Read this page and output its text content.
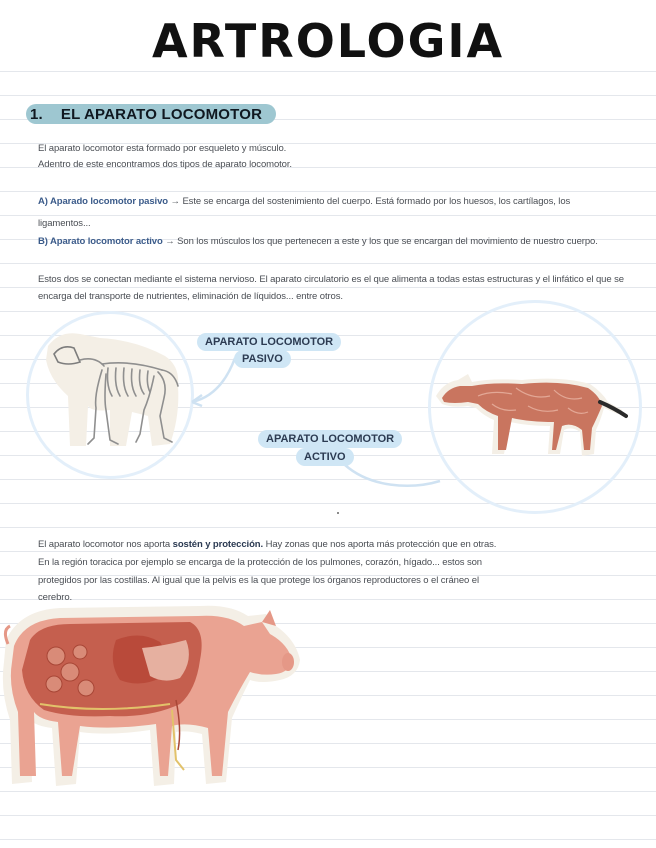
ARTROLOGIA
1. EL APARATO LOCOMOTOR
El aparato locomotor esta formado por esqueleto y músculo.
Adentro de este encontramos dos tipos de aparato locomotor.
A) Aparado locomotor pasivo → Este se encarga del sostenimiento del cuerpo. Está formado por los huesos, los cartílagos, los
ligamentos...
B) Aparato locomotor activo → Son los músculos los que pertenecen a este y los que se encargan del movimiento de nuestro cuerpo.
Estos dos se conectan mediante el sistema nervioso. El aparato circulatorio es el que alimenta a todas estas estructuras y el linfático el que se
encarga del transporte de nutrientes, eliminación de líquidos... entre otros.
APARATO LOCOMOTOR
PASIVO
APARATO LOCOMOTOR
ACTIVO
El aparato locomotor nos aporta sostén y protección. Hay zonas que nos aporta más protección que en otras.
En la región toracica por ejemplo se encarga de la protección de los pulmones, corazón, hígado... estos son
protegidos por las costillas. Al igual que la pelvis es la que protege los órganos reproductores o el cráneo el
cerebro.
